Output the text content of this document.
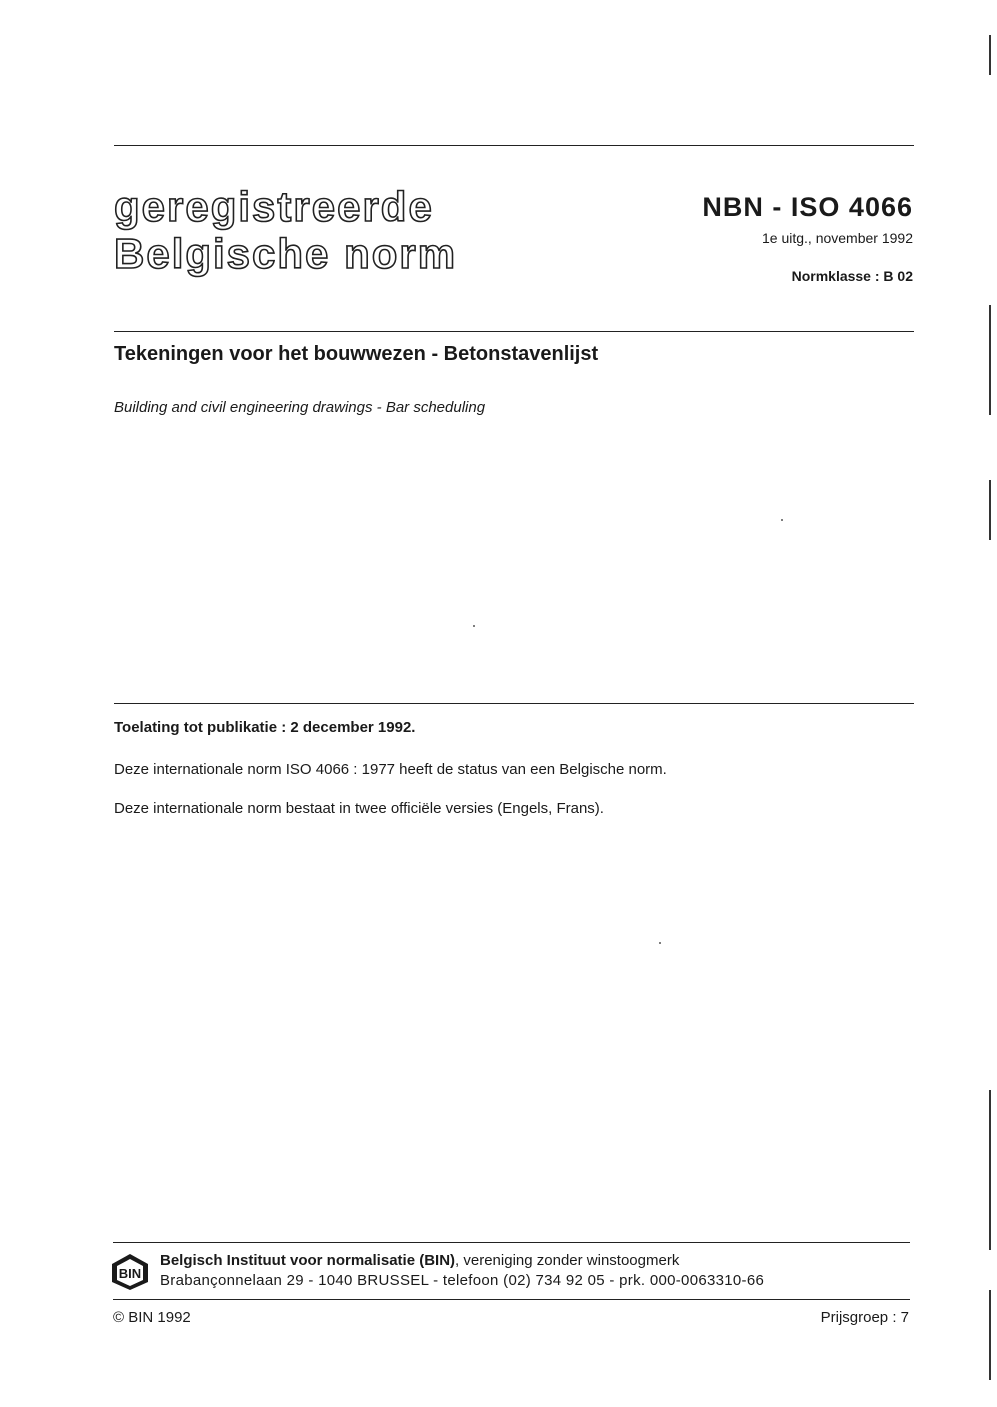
geregistreerde
Belgische norm
NBN - ISO 4066
1e uitg., november 1992
Normklasse : B 02
Tekeningen voor het bouwwezen - Betonstavenlijst
Building and civil engineering drawings - Bar scheduling
Toelating tot publikatie : 2 december 1992.
Deze internationale norm ISO 4066 : 1977 heeft de status van een Belgische norm.
Deze internationale norm bestaat in twee officiële versies (Engels, Frans).
BIN
Belgisch Instituut voor normalisatie (BIN), vereniging zonder winstoogmerk
Brabançonnelaan 29 - 1040 BRUSSEL - telefoon (02) 734 92 05 - prk. 000-0063310-66
© BIN 1992	Prijsgroep : 7
